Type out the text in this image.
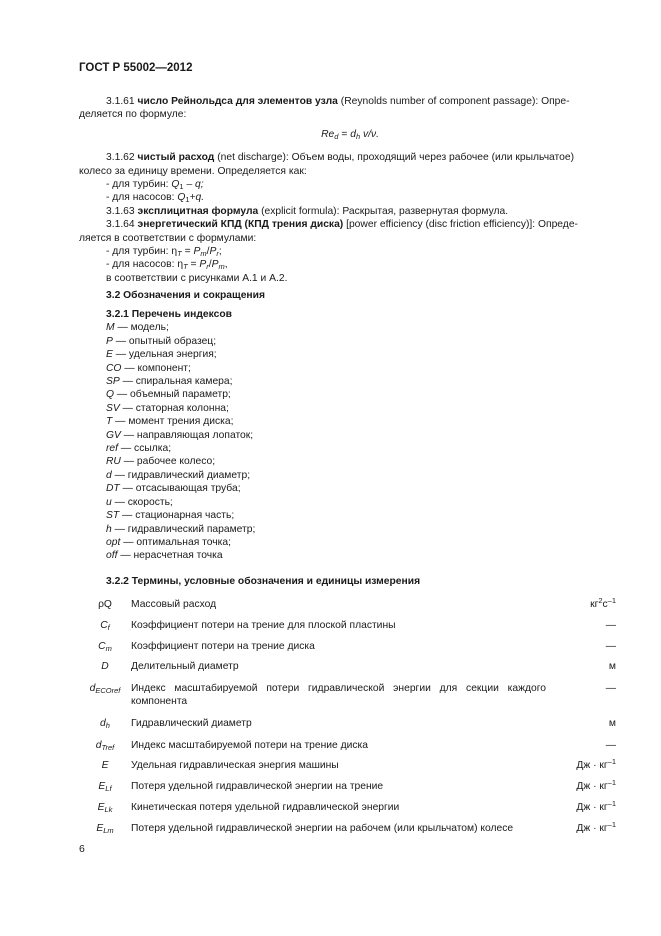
ГОСТ Р 55002—2012

3.1.61 число Рейнольдса для элементов узла (Reynolds number of component passage): Опре-

деляется по формуле:

$Re_d = d_h$ v/ν.

3.1.62 чистый расход (net discharge): Объем воды, проходящий через рабочее (или крыльчатое)

колесо за единицу времени. Определяется как:

- для турбин: $Q_1$ – q;

- для насосов: $Q_1+q$.

3.1.63 эксплицитная формула (explicit formula): Раскрытая, развернутая формула.

3.1.64 энергетический КПД (КПД трения диска) [power efficiency (disc friction efficiency)]: Опреде-

ляется в соответствии с формулами:

- для турбин: $\eta_T = P_m/P_r$;

- для насосов: $\eta_T = P_r/P_m$,

в соответствии с рисунками А.1 и А.2.

3.2 Обозначения и сокращения

3.2.1 Перечень индексов

M — модель;

P — опытный образец;

E — удельная энергия;

CO — компонент;

SP — спиральная камера;

Q — объемный параметр;

SV — статорная колонна;

T — момент трения диска;

GV — направляющая лопаток;

ref — ссылка;

RU — рабочее колесо;

d — гидравлический диаметр;

DT — отсасывающая труба;

u — скорость;

ST — стационарная часть;

h — гидравлический параметр;

opt — оптимальная точка;

off — нерасчетная точка

3.2.2 Термины, условные обозначения и единицы измерения

ρQ	Массовый расход	$кг^2с^{-1}$
$C_f$	Коэффициент потери на трение для плоской пластины	—
$C_m$	Коэффициент потери на трение диска	—
D	Делительный диаметр	м
$d_{ECOref}$	Индекс масштабируемой потери гидравлической энергии для секции каждого компонента	—
$d_h$	Гидравлический диаметр	м
$d_{Tref}$	Индекс масштабируемой потери на трение диска	—
E	Удельная гидравлическая энергия машины	Дж · $кг^{-1}$
$E_{Lf}$	Потеря удельной гидравлической энергии на трение	Дж · $кг^{-1}$
$E_{Lk}$	Кинетическая потеря удельной гидравлической энергии	Дж · $кг^{-1}$
$E_{Lm}$	Потеря удельной гидравлической энергии на рабочем (или крыльчатом) колесе	Дж · $кг^{-1}$
6
